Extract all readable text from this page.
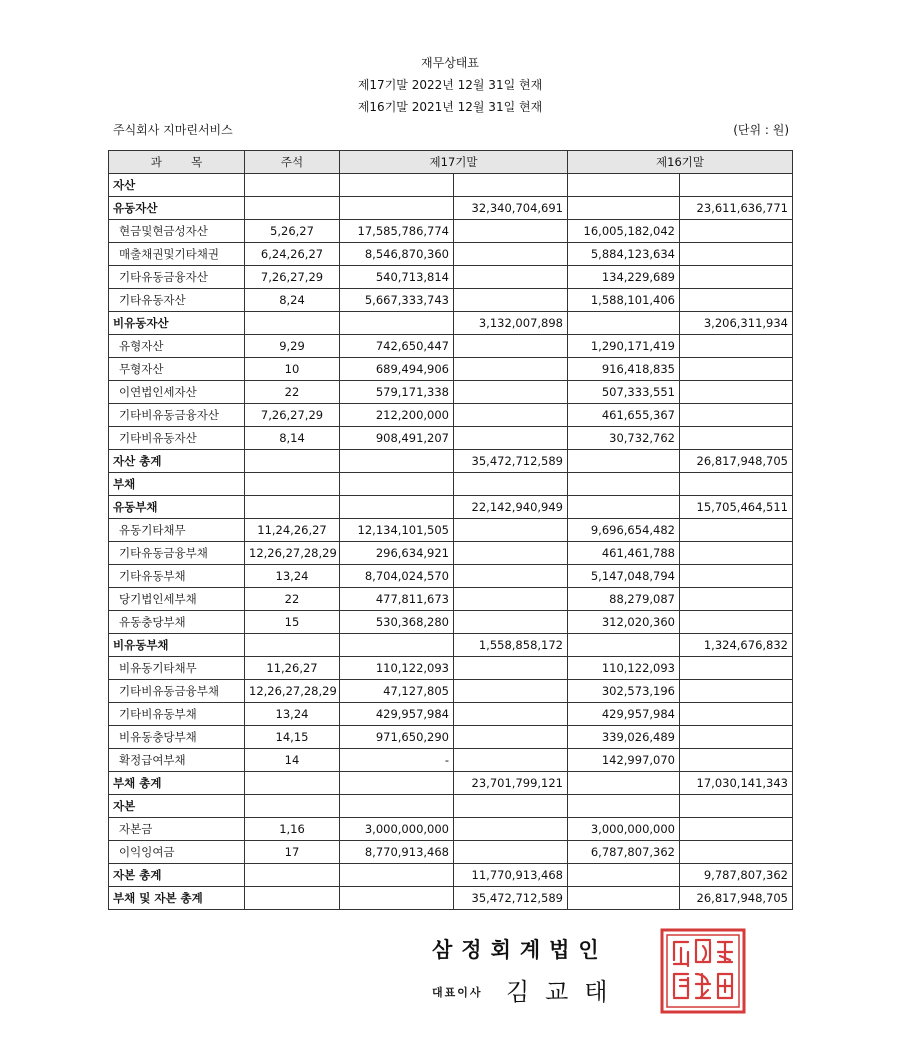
재무상태표
제17기말 2022년 12월 31일 현재
제16기말 2021년 12월 31일 현재
주식회사 지마린서비스	(단위 : 원)
과        목	주석	제17기말		제16기말	
자산					
유동자산			32,340,704,691		23,611,636,771
현금및현금성자산	5,26,27	17,585,786,774		16,005,182,042	
매출채권및기타채권	6,24,26,27	8,546,870,360		5,884,123,634	
기타유동금융자산	7,26,27,29	540,713,814		134,229,689	
기타유동자산	8,24	5,667,333,743		1,588,101,406	
비유동자산			3,132,007,898		3,206,311,934
유형자산	9,29	742,650,447		1,290,171,419	
무형자산	10	689,494,906		916,418,835	
이연법인세자산	22	579,171,338		507,333,551	
기타비유동금융자산	7,26,27,29	212,200,000		461,655,367	
기타비유동자산	8,14	908,491,207		30,732,762	
자산 총계			35,472,712,589		26,817,948,705
부채					
유동부채			22,142,940,949		15,705,464,511
유동기타채무	11,24,26,27	12,134,101,505		9,696,654,482	
기타유동금융부채	12,26,27,28,29	296,634,921		461,461,788	
기타유동부채	13,24	8,704,024,570		5,147,048,794	
당기법인세부채	22	477,811,673		88,279,087	
유동충당부채	15	530,368,280		312,020,360	
비유동부채			1,558,858,172		1,324,676,832
비유동기타채무	11,26,27	110,122,093		110,122,093	
기타비유동금융부채	12,26,27,28,29	47,127,805		302,573,196	
기타비유동부채	13,24	429,957,984		429,957,984	
비유동충당부채	14,15	971,650,290		339,026,489	
확정급여부채	14	-		142,997,070	
부채 총계			23,701,799,121		17,030,141,343
자본					
자본금	1,16	3,000,000,000		3,000,000,000	
이익잉여금	17	8,770,913,468		6,787,807,362	
자본 총계			11,770,913,468		9,787,807,362
부채 및 자본 총계			35,472,712,589		26,817,948,705
삼정회계법인
대표이사 김교태
